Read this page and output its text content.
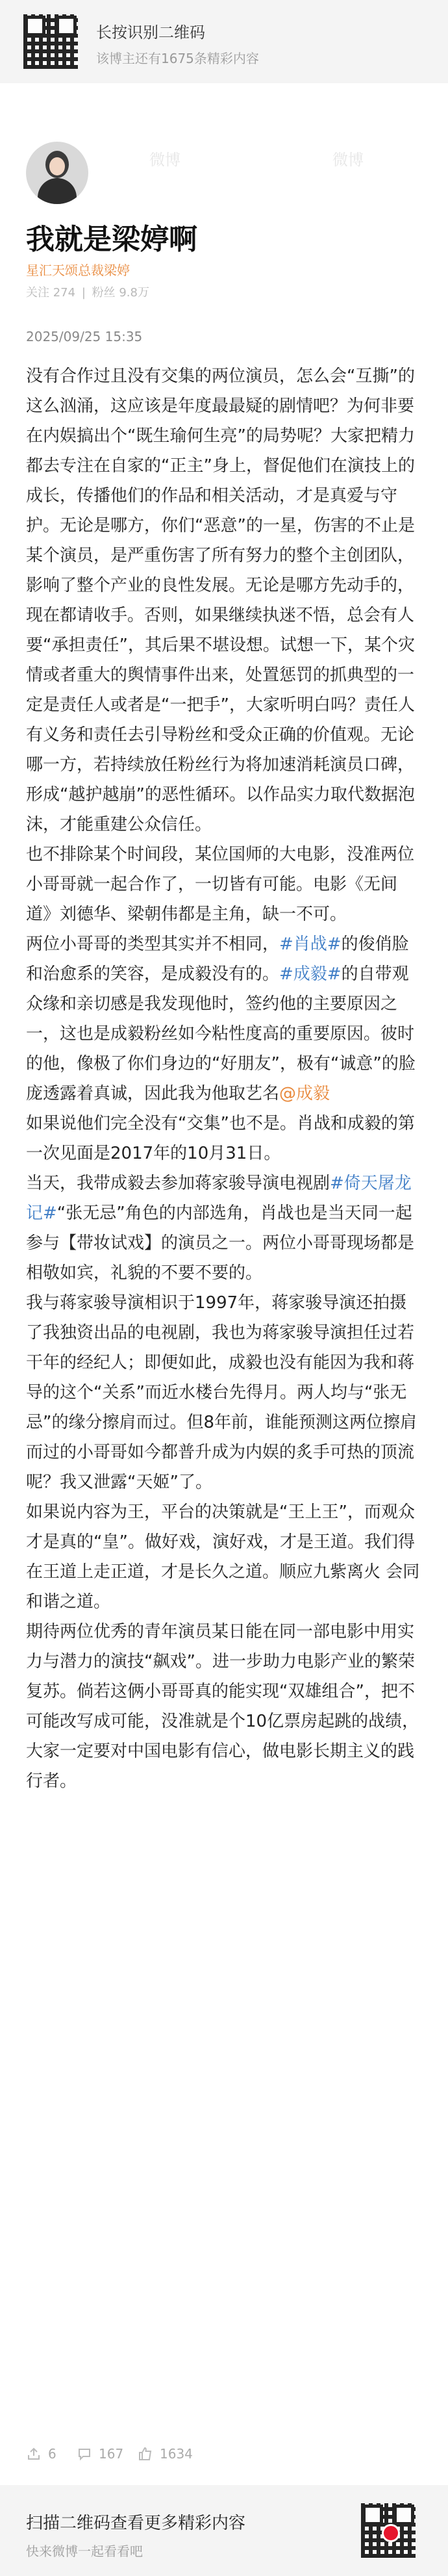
长按识别二维码
该博主还有1675条精彩内容
微博	微博
我就是梁婷啊
星汇天颂总裁梁婷
关注 274 | 粉丝 9.8万
2025/09/25 15:35

没有合作过且没有交集的两位演员，怎么会“互撕”的这么汹涌，这应该是年度最最疑的剧情吧？为何非要在内娱搞出个“既生瑜何生亮”的局势呢？大家把精力都去专注在自家的“正主”身上，督促他们在演技上的成长，传播他们的作品和相关活动，才是真爱与守护。无论是哪方，你们“恶意”的一星，伤害的不止是某个演员，是严重伤害了所有努力的整个主创团队，影响了整个产业的良性发展。无论是哪方先动手的，现在都请收手。否则，如果继续执迷不悟，总会有人要“承担责任”，其后果不堪设想。试想一下，某个灾情或者重大的舆情事件出来，处置惩罚的抓典型的一定是责任人或者是“一把手”，大家听明白吗？责任人有义务和责任去引导粉丝和受众正确的价值观。无论哪一方，若持续放任粉丝行为将加速消耗演员口碑，形成“越护越崩”的恶性循环。以作品实力取代数据泡沫，才能重建公众信任。

也不排除某个时间段，某位国师的大电影，没准两位小哥哥就一起合作了，一切皆有可能。电影《无间道》刘德华、梁朝伟都是主角，缺一不可。

两位小哥哥的类型其实并不相同，#肖战#的俊俏脸和治愈系的笑容，是成毅没有的。#成毅#的自带观众缘和亲切感是我发现他时，签约他的主要原因之一，这也是成毅粉丝如今粘性度高的重要原因。彼时的他，像极了你们身边的“好朋友”，极有“诚意”的脸庞透露着真诚，因此我为他取艺名@成毅

如果说他们完全没有“交集”也不是。肖战和成毅的第一次见面是2017年的10月31日。

当天，我带成毅去参加蒋家骏导演电视剧#倚天屠龙记#“张无忌”角色的内部选角，肖战也是当天同一起参与【带妆试戏】的演员之一。两位小哥哥现场都是相敬如宾，礼貌的不要不要的。

我与蒋家骏导演相识于1997年，蒋家骏导演还拍摄了我独资出品的电视剧，我也为蒋家骏导演担任过若干年的经纪人；即便如此，成毅也没有能因为我和蒋导的这个“关系”而近水楼台先得月。两人均与“张无忌”的缘分擦肩而过。但8年前，谁能预测这两位擦肩而过的小哥哥如今都普升成为内娱的炙手可热的顶流呢？我又泄露“天姬”了。

如果说内容为王，平台的决策就是“王上王”，而观众才是真的“皇”。做好戏，演好戏，才是王道。我们得在王道上走正道，才是长久之道。顺应九紫离火 会同和谐之道。

期待两位优秀的青年演员某日能在同一部电影中用实力与潜力的演技“飙戏”。进一步助力电影产业的繁荣复苏。倘若这俩小哥哥真的能实现“双雄组合”，把不可能改写成可能，没准就是个10亿票房起跳的战绩，大家一定要对中国电影有信心，做电影长期主义的践行者。

6	167	1634
扫描二维码查看更多精彩内容
快来微博一起看看吧
